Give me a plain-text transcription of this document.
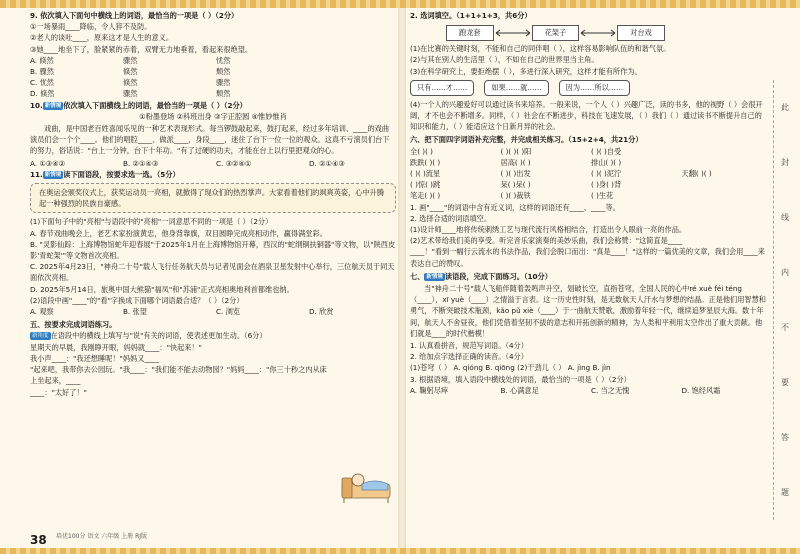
9. 依次填入下面句中横线上的词语，最恰当的一项是（ ）（2分）
①一场暴雨____降临，令人猝不及防。
②老人的谈吐____，原来这才是人生的意义。
③她____地坐下了，脸紧紧的赤着，双臂无力地垂着，看起来很绝望。
A. 倏然	骤然	忧然
B. 骤然	倏然	颓然
C. 忧然	倏然	骤然
D. 倏然	骤然	颓然
10. 新情境 依次填入下面横线上的词语，最恰当的一项是（ ）（2分）
①粉墨登场 ②科班出身 ③字正腔圆 ④惟妙惟肖
戏曲，是中国老百姓喜闻乐见的一种艺术表现形式。每当锣鼓敲起来，鼓打起来，经过多年培训、____的戏曲演员们会一个个____。他们的唱腔____、做派____，身段____，迷住了台下一位一位的观众。这真不亏演员们台下的努力，俗话说："台上一分钟，台下十年功。"有了过硬的功夫，才能在台上以行里把观众的心。
A. ①③④②	B. ②①④③	C. ③②④①	D. ②①④③
11. 新情境 读下面语段，按要求选一选。（5分）
在奥运会颁奖仪式上，获奖运动员一亮相，就掀得了现众们的热烈掌声。大家看着他们的飒爽英姿，心中升腾起一种强烈的民族自豪感。
(1)下面句子中的"亮相"与语段中的"亮相"一词意思不同的一项是（ ）（2分）
A. 春节戏曲晚会上，老艺术家扮演黄忠，他身背靠旗，双目圆睁完成亮相动作，赢得满堂彩。
B. "灵影仙踪：上海博物馆蛇年迎春展"于2025年1月在上海博物馆开幕，西汉的"蛇纲铜扶铜器"等文物，以"陕西皮影'青蛇架'"等文物首次亮相。
C. 2025年4月23日，"神舟二十号"载人飞行任务航天员与记者见面会在酒泉卫星发射中心举行，三位航天员于同天面依次亮相。
D. 2025年5月14日，旅奥中国大熊猫"福凤"和"苏浦"正式亮相奥地利首都维也纳。
(2)语段中画"____"的"看"字换成下面哪个词语最合适？（ ）（2分）
A. 观察	B. 张望	C. 浏览	D. 欣赏
五、按要求完成词语练习。
新角度 在语段中的横线上填写与"说"有关的词语，使表述更加生动。（6分）
星期天的早晨，我刚睁开眼，妈妈就____："快起来！"
我小声____："我还想睡呢！"妈妈又____
"起来吧，我带你去公园玩。"我____："我们能不能去动物园？"妈妈____："你三十秒之内从床上坐起来，____
____："太好了！"
38 培优100分 语文 六年级 上册 RJ版
2. 选词填空。（1+1+1+3，共6分）
跑龙套	花架子	对台戏
(1)在比赛的关键时刻，不能和自己的同伴唱（ ），这样容易影响队伍的和谐气氛。
(2)与其在别人的生活里（ ），不如在自己的世界里当主角。
(3)在科学研究上，要拒绝摆（ ），多进行深入研究，这样才能有所作为。
只有……才……	如果……就……	因为……所以……
(4)一个人的兴趣爱好可以通过读书来培养。一般来说，一个人（ ）兴趣广泛，读的书多，他的视野（ ）会很开阔，才不也会不断增多。同样，（ ）社会在不断进步，科技在飞速发展，（ ）我们（ ）通过读书不断提升自己的知识和能力，（ ）能适应这个日新月异的社会。
六、把下面四字词语补充完整，并完成相关练习。（15+2+4，共21分）
全( )( )	( )( )( )阳	( )( )自受
跌跌( )( )	居高( )( )	排山( )( )
( )( )流星	( )( )出发	( )( )泥泞	天翻( )( )
( )惊( )跳	呆( )呆( )	( )身( )背
笔走( )( )	( )( )裁铁	( )生花
1. 画"____"的词语中含有近义词，这样的词语还有____、____等。
2. 选择合适的词语填空。
(1)设计师____地将传统刺绣工艺与现代流行风格相结合，打造出令人眼前一亮的作品。
(2)艺术带给我们美的享受。听完音乐家演奏的美妙乐曲，我们会称赞："这简直是____
____！"看到一幅行云流水的书法作品，我们会脱口而出："真是____！"这样的一篇优美的文章，我们会用____来表达自己的赞叹。
七、 新情境 读语段，完成下面练习。（10分）
当"神舟二十号"载人飞船伴随着轰鸣声升空，划破长空，直指苍穹，全国人民的心中ré xuè féi téng（____），xī yuè（____）之情溢于言表。这一历史性时刻，是无数航天人汗水与梦想的结晶。正是他们用智慧和勇气，不断突破技术瓶颈，kǎo pǔ xiè（____）于一曲航天赞歌，激励着年轻一代，继续追梦星辰大海。数十年间，航天人不舍昼夜，他们凭借着坚韧不拔的意志和开拓创新的精神，为人类和平利用太空作出了重大贡献。他们就是____的时代楷模！
1. 认真看拼音，规范写词语。（4分）
2. 给加点字选择正确的读音。（4分）
(1)苍穹（ ） A. qióng B. qiōng (2)干劲儿（ ） A. jìng B. jìn
3. 根据语境，填入语段中横线处的词语，最恰当的一项是（ ）（2分）
A. 鞠躬尽瘁	B. 心满意足	C. 当之无愧	D. 饱经风霜
此
封
线
内
不
要
答
题
